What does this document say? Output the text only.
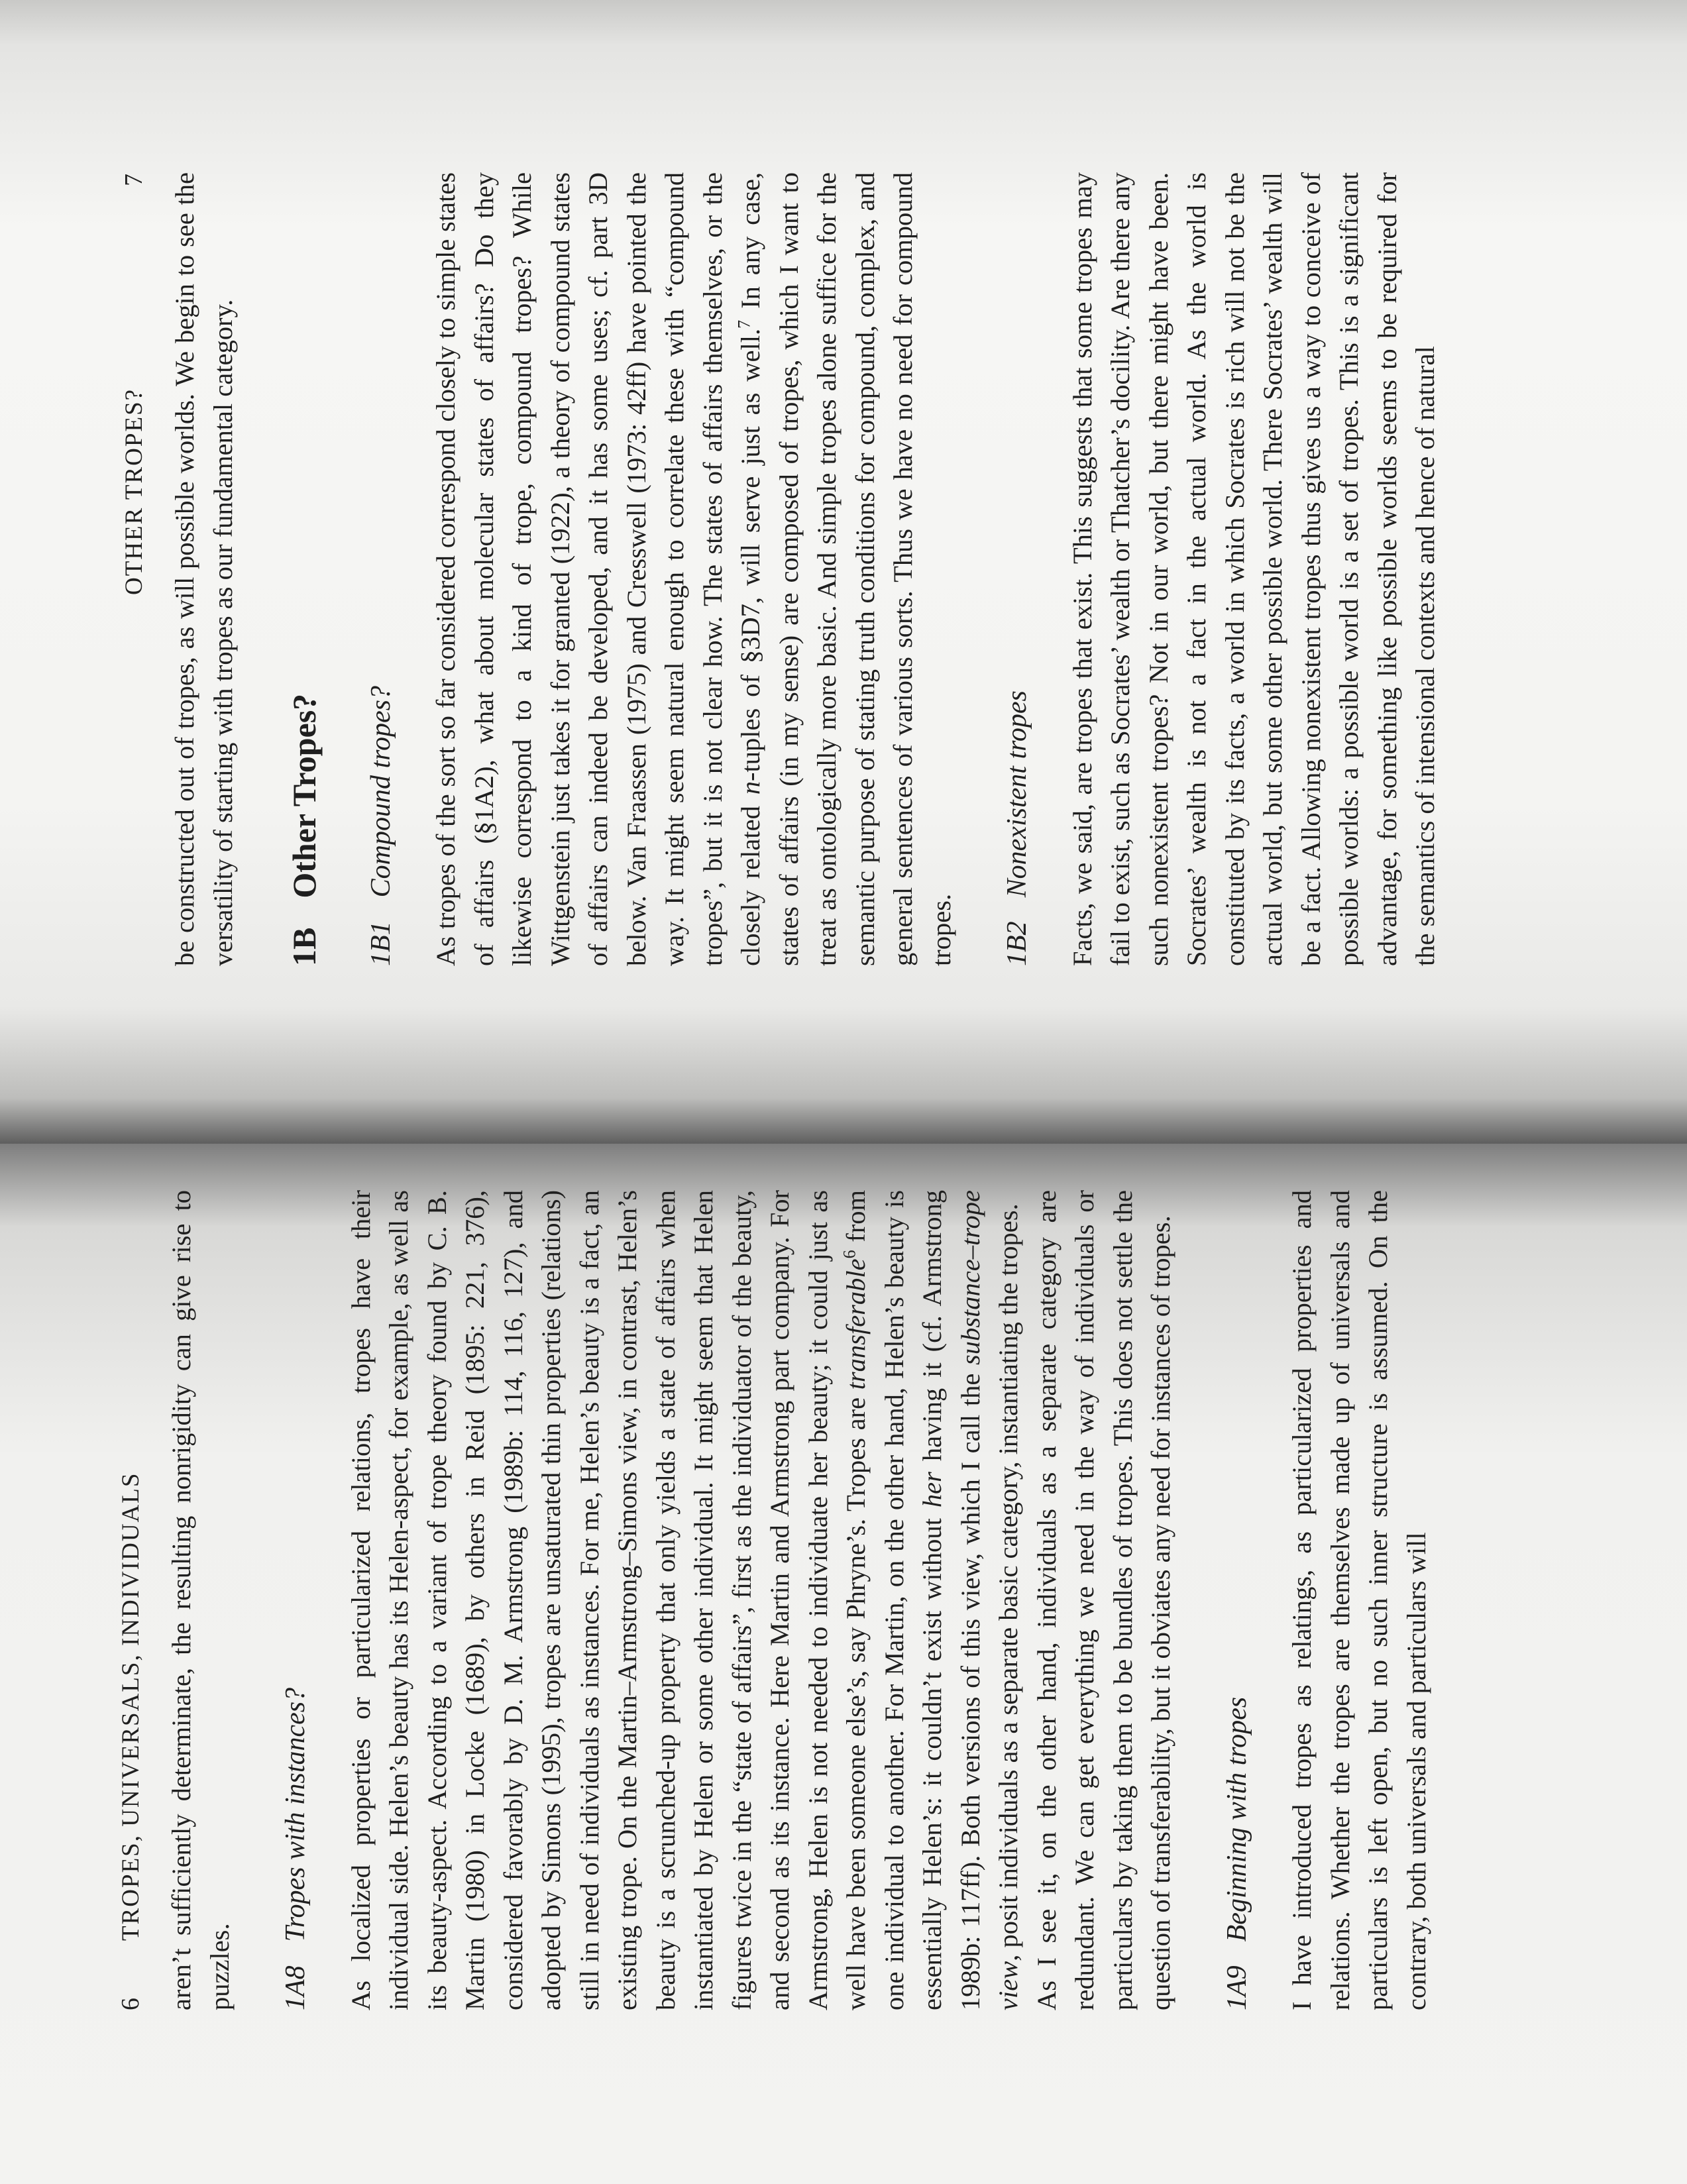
6
TROPES, UNIVERSALS, INDIVIDUALS aren’t sufficiently determinate, the resulting nonrigidity can give rise to puzzles. 1A8
Tropes with instances? As localized properties or particularized relations, tropes have their individual side. Helen’s beauty has its Helen-aspect, for example, as well as its beauty-aspect. According to a variant of trope theory found by C. B. Martin (1980) in Locke (1689), by others in Reid (1895: 221, 376), considered favorably by D. M. Armstrong (1989b: 114, 116, 127), and adopted by Simons (1995), tropes are unsaturated thin properties (relations) still in need of individuals as instances. For me, Helen’s beauty is a fact, an existing trope. On the Martin–Armstrong–Simons view, in contrast, Helen’s beauty is a scrunched-up property that only yields a state of affairs when instantiated by Helen or some other individual. It might seem that Helen figures twice in the “state of affairs”, first as the individuator of the beauty, and second as its instance. Here Martin and Armstrong part company. For Armstrong, Helen is not needed to individuate her beauty; it could just as well have been someone else’s, say Phryne’s. Tropes are transferable$^6$ from one individual to another. For Martin, on the other hand, Helen’s beauty is essentially Helen’s: it couldn’t exist without her having it (cf. Armstrong 1989b: 117ff). Both versions of this view, which I call the substance–trope view, posit individuals as a separate basic category, instantiating the tropes. As I see it, on the other hand, individuals as a separate category are redundant. We can get everything we need in the way of individuals or particulars by taking them to be bundles of tropes. This does not settle the question of transferability, but it obviates any need for instances of tropes. 1A9
Beginning with tropes I have introduced tropes as relatings, as particularized properties and relations. Whether the tropes are themselves made up of universals and particulars is left open, but no such inner structure is assumed. On the contrary, both universals and particulars will

OTHER TROPES?
7 be constructed out of tropes, as will possible worlds. We begin to see the versatility of starting with tropes as our fundamental category. 1B
Other Tropes?
1B1
Compound tropes? As tropes of the sort so far considered correspond closely to simple states of affairs (§1A2), what about molecular states of affairs? Do they likewise correspond to a kind of trope, compound tropes? While Wittgenstein just takes it for granted (1922), a theory of compound states of affairs can indeed be developed, and it has some uses; cf. part 3D below. Van Fraassen (1975) and Cresswell (1973: 42ff) have pointed the way. It might seem natural enough to correlate these with “compound tropes”, but it is not clear how. The states of affairs themselves, or the closely related n-tuples of §3D7, will serve just as well.$^7$ In any case, states of affairs (in my sense) are composed of tropes, which I want to treat as ontologically more basic. And simple tropes alone suffice for the semantic purpose of stating truth conditions for compound, complex, and general sentences of various sorts. Thus we have no need for compound tropes. 1B2
Nonexistent tropes Facts, we said, are tropes that exist. This suggests that some tropes may fail to exist, such as Socrates’ wealth or Thatcher’s docility. Are there any such nonexistent tropes? Not in our world, but there might have been. Socrates’ wealth is not a fact in the actual world. As the world is constituted by its facts, a world in which Socrates is rich will not be the actual world, but some other possible world. There Socrates’ wealth will be a fact. Allowing nonexistent tropes thus gives us a way to conceive of possible worlds: a possible world is a set of tropes. This is a significant advantage, for something like possible worlds seems to be required for the semantics of intensional contexts and hence of natural
